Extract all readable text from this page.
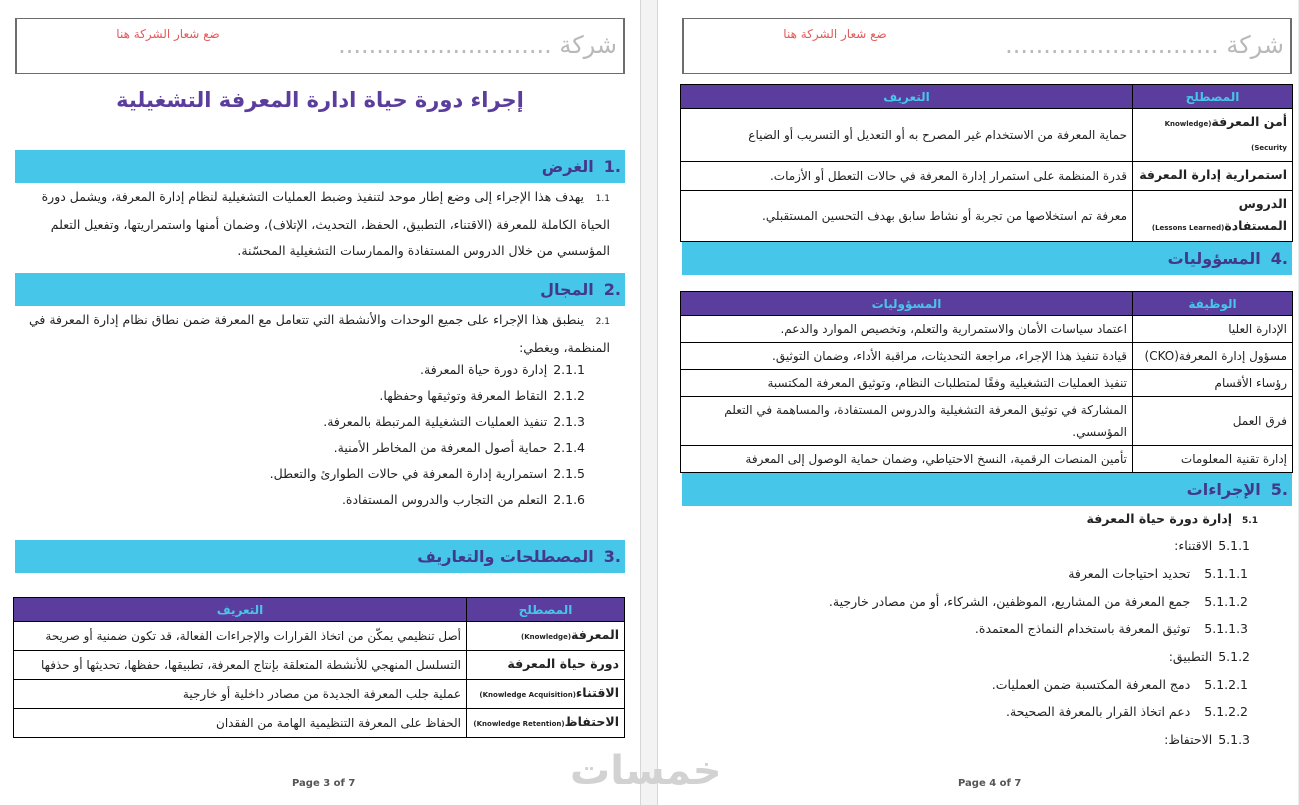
ضع شعار الشركة هنا	شركة ............................
إجراء دورة حياة ادارة المعرفة التشغيلية
.1
الغرض
1.1يهدف هذا الإجراء إلى وضع إطار موحد لتنفيذ وضبط العمليات التشغيلية لنظام إدارة المعرفة، ويشمل دورة الحياة الكاملة للمعرفة (الاقتناء، التطبيق، الحفظ، التحديث، الإتلاف)، وضمان أمنها واستمراريتها، وتفعيل التعلم المؤسسي من خلال الدروس المستفادة والممارسات التشغيلية المحسّنة.
.2
المجال
2.1ينطبق هذا الإجراء على جميع الوحدات والأنشطة التي تتعامل مع المعرفة ضمن نطاق نظام إدارة المعرفة في المنظمة، ويغطي:
2.1.1إدارة دورة حياة المعرفة.
2.1.2التقاط المعرفة وتوثيقها وحفظها.
2.1.3تنفيذ العمليات التشغيلية المرتبطة بالمعرفة.
2.1.4حماية أصول المعرفة من المخاطر الأمنية.
2.1.5استمرارية إدارة المعرفة في حالات الطوارئ والتعطل.
2.1.6التعلم من التجارب والدروس المستفادة.
.3
المصطلحات والتعاريف
المصطلح	التعريف
المعرفة(Knowledge)	أصل تنظيمي يمكّن من اتخاذ القرارات والإجراءات الفعالة، قد تكون ضمنية أو صريحة
دورة حياة المعرفة	التسلسل المنهجي للأنشطة المتعلقة بإنتاج المعرفة، تطبيقها، حفظها، تحديثها أو حذفها
الاقتناء(Knowledge Acquisition)	عملية جلب المعرفة الجديدة من مصادر داخلية أو خارجية
الاحتفاظ(Knowledge Retention)	الحفاظ على المعرفة التنظيمية الهامة من الفقدان
Page 3 of 7
ضع شعار الشركة هنا	شركة ............................
المصطلح	التعريف
أمن المعرفة(Knowledge Security)	حماية المعرفة من الاستخدام غير المصرح به أو التعديل أو التسريب أو الضياع
استمرارية إدارة المعرفة	قدرة المنظمة على استمرار إدارة المعرفة في حالات التعطل أو الأزمات.
الدروس المستفادة(Lessons Learned)	معرفة تم استخلاصها من تجربة أو نشاط سابق بهدف التحسين المستقبلي.
.4
المسؤوليات
الوظيفة	المسؤوليات
الإدارة العليا	اعتماد سياسات الأمان والاستمرارية والتعلم، وتخصيص الموارد والدعم.
مسؤول إدارة المعرفة(CKO)	قيادة تنفيذ هذا الإجراء، مراجعة التحديثات، مراقبة الأداء، وضمان التوثيق.
رؤساء الأقسام	تنفيذ العمليات التشغيلية وفقًا لمتطلبات النظام، وتوثيق المعرفة المكتسبة
فرق العمل	المشاركة في توثيق المعرفة التشغيلية والدروس المستفادة، والمساهمة في التعلم المؤسسي.
إدارة تقنية المعلومات	تأمين المنصات الرقمية، النسخ الاحتياطي، وضمان حماية الوصول إلى المعرفة
.5
الإجراءات
5.1إدارة دورة حياة المعرفة
5.1.1الاقتناء:
5.1.1.1تحديد احتياجات المعرفة
5.1.1.2جمع المعرفة من المشاريع، الموظفين، الشركاء، أو من مصادر خارجية.
5.1.1.3توثيق المعرفة باستخدام النماذج المعتمدة.
5.1.2التطبيق:
5.1.2.1دمج المعرفة المكتسبة ضمن العمليات.
5.1.2.2دعم اتخاذ القرار بالمعرفة الصحيحة.
5.1.3الاحتفاظ:
Page 4 of 7
خمسات
